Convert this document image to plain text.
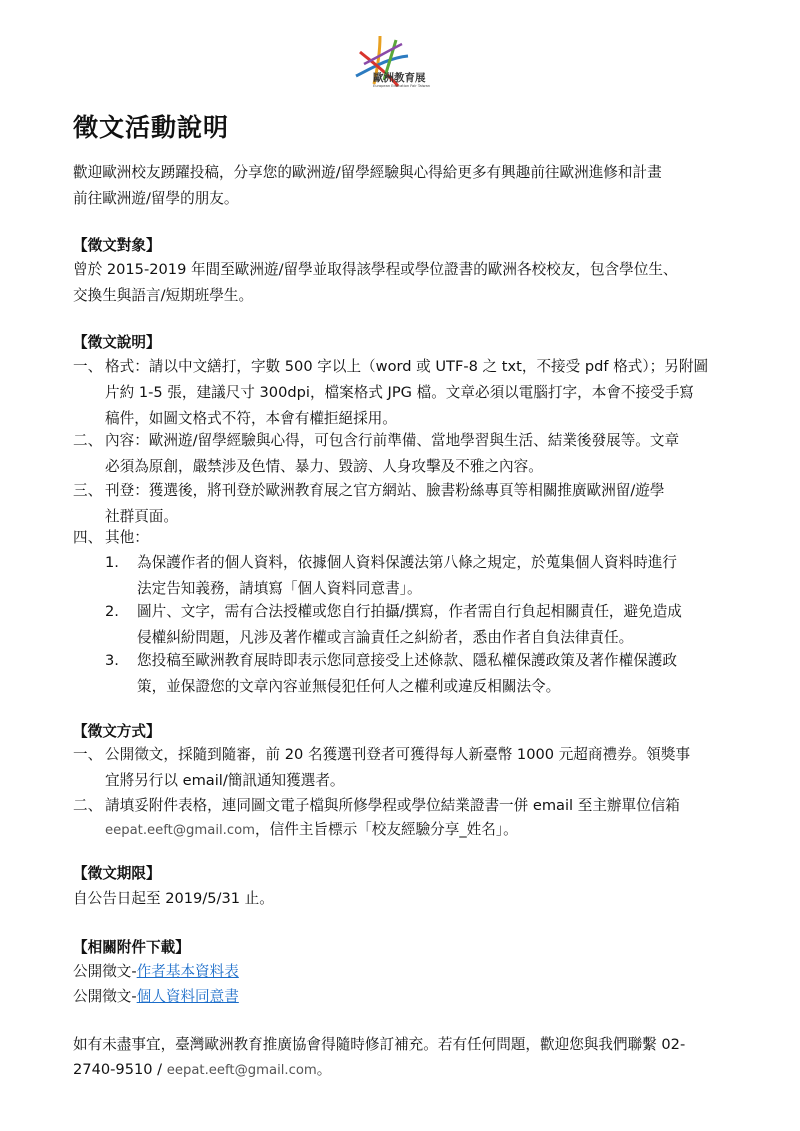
歐洲教育展
European Education Fair Taiwan
徵文活動說明

歡迎歐洲校友踴躍投稿，分享您的歐洲遊/留學經驗與心得給更多有興趣前往歐洲進修和計畫

前往歐洲遊/留學的朋友。

【徵文對象】

曾於 2015-2019 年間至歐洲遊/留學並取得該學程或學位證書的歐洲各校校友，包含學位生、

交換生與語言/短期班學生。

【徵文說明】
一、 格式：請以中文繕打，字數 500 字以上（word 或 UTF-8 之 txt，不接受 pdf 格式）；另附圖
片約 1-5 張，建議尺寸 300dpi，檔案格式 JPG 檔。文章必須以電腦打字，本會不接受手寫
稿件，如圖文格式不符，本會有權拒絕採用。
二、 內容：歐洲遊/留學經驗與心得，可包含行前準備、當地學習與生活、結業後發展等。文章
必須為原創，嚴禁涉及色情、暴力、毀謗、人身攻擊及不雅之內容。
三、 刊登：獲選後，將刊登於歐洲教育展之官方網站、臉書粉絲專頁等相關推廣歐洲留/遊學
社群頁面。
四、 其他：
1. 為保護作者的個人資料，依據個人資料保護法第八條之規定，於蒐集個人資料時進行
法定告知義務，請填寫「個人資料同意書」。
2. 圖片、文字，需有合法授權或您自行拍攝/撰寫，作者需自行負起相關責任，避免造成
侵權糾紛問題，凡涉及著作權或言論責任之糾紛者，悉由作者自負法律責任。
3. 您投稿至歐洲教育展時即表示您同意接受上述條款、隱私權保護政策及著作權保護政
策，並保證您的文章內容並無侵犯任何人之權利或違反相關法令。
【徵文方式】
一、 公開徵文，採隨到隨審，前 20 名獲選刊登者可獲得每人新臺幣 1000 元超商禮券。領獎事
宜將另行以 email/簡訊通知獲選者。
二、 請填妥附件表格，連同圖文電子檔與所修學程或學位結業證書一併 email 至主辦單位信箱
eepat.eeft@gmail.com，信件主旨標示「校友經驗分享_姓名」。
【徵文期限】
自公告日起至 2019/5/31 止。
【相關附件下載】
公開徵文-作者基本資料表
公開徵文-個人資料同意書
如有未盡事宜，臺灣歐洲教育推廣協會得隨時修訂補充。若有任何問題，歡迎您與我們聯繫 02-
2740-9510 / eepat.eeft@gmail.com。
